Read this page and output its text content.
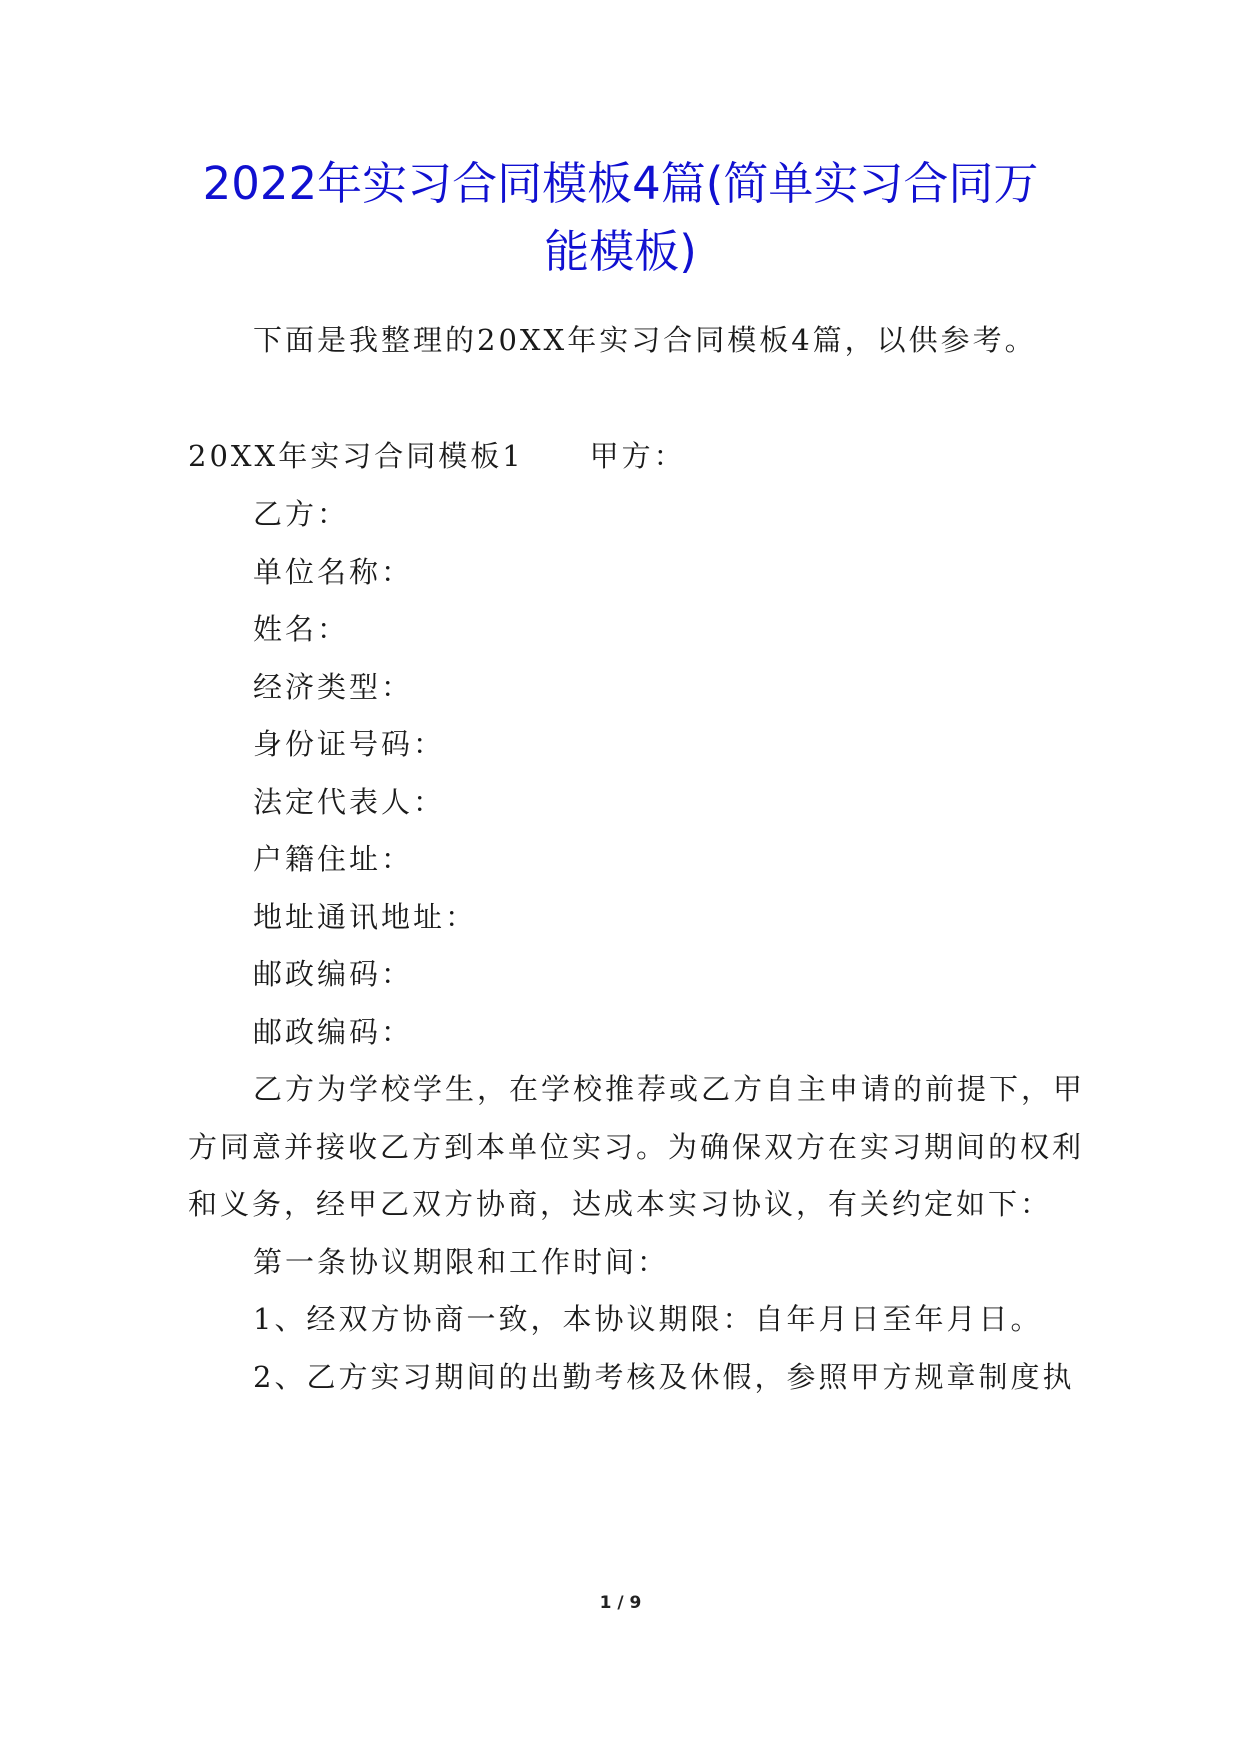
2022年实习合同模板4篇(简单实习合同万
能模板)

下面是我整理的20XX年实习合同模板4篇，以供参考。

20XX年实习合同模板1 甲方：

乙方：

单位名称：

姓名：

经济类型：

身份证号码：

法定代表人：

户籍住址：

地址通讯地址：

邮政编码：

邮政编码：

乙方为学校学生，在学校推荐或乙方自主申请的前提下，甲

方同意并接收乙方到本单位实习。为确保双方在实习期间的权利

和义务，经甲乙双方协商，达成本实习协议，有关约定如下：

第一条协议期限和工作时间：

1、经双方协商一致，本协议期限：自年月日至年月日。

2、乙方实习期间的出勤考核及休假，参照甲方规章制度执

1 / 9
